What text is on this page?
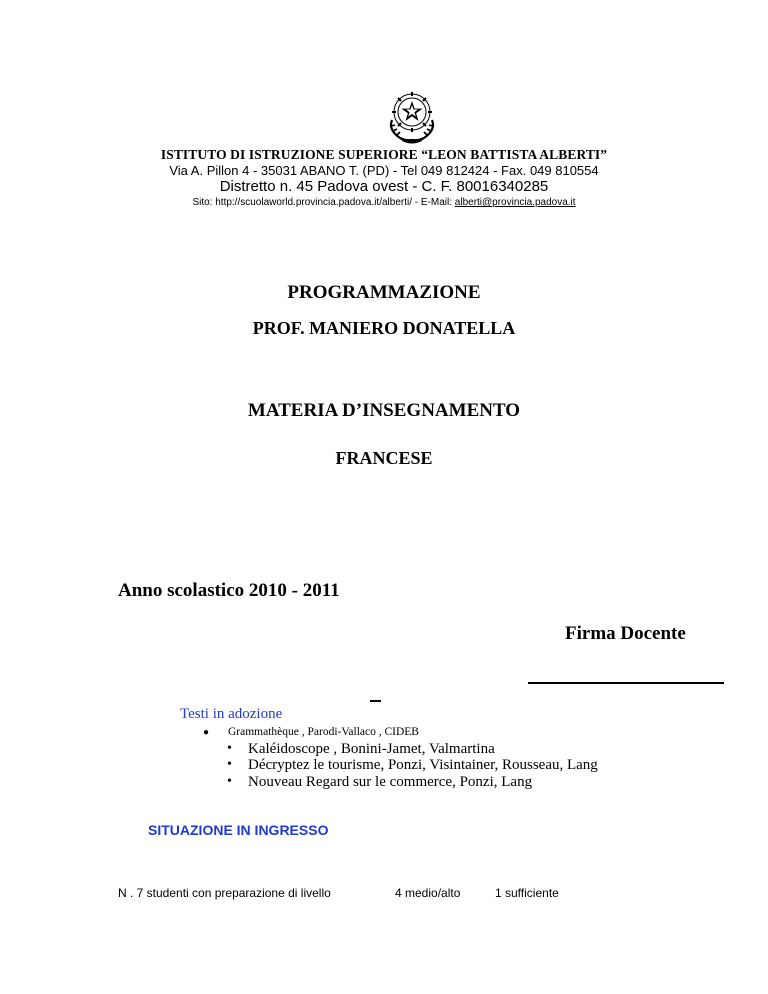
ISTITUTO DI ISTRUZIONE SUPERIORE “LEON BATTISTA ALBERTI”
Via A. Pillon 4 - 35031 ABANO T. (PD) - Tel 049 812424 - Fax. 049 810554
Distretto n. 45 Padova ovest - C. F. 80016340285
Sito: http://scuolaworld.provincia.padova.it/alberti/ - E-Mail: alberti@provincia.padova.it
PROGRAMMAZIONE
PROF. MANIERO DONATELLA
MATERIA D’INSEGNAMENTO
FRANCESE
Anno scolastico 2010 - 2011
Firma Docente
Testi in adozione
● Grammathèque , Parodi-Vallaco , CIDEB
• Kaléidoscope , Bonini-Jamet, Valmartina
• Décryptez le tourisme, Ponzi, Visintainer, Rousseau, Lang
• Nouveau Regard sur le commerce, Ponzi, Lang
SITUAZIONE IN INGRESSO
N . 7 studenti con preparazione di livello	4 medio/alto	1 sufficiente
